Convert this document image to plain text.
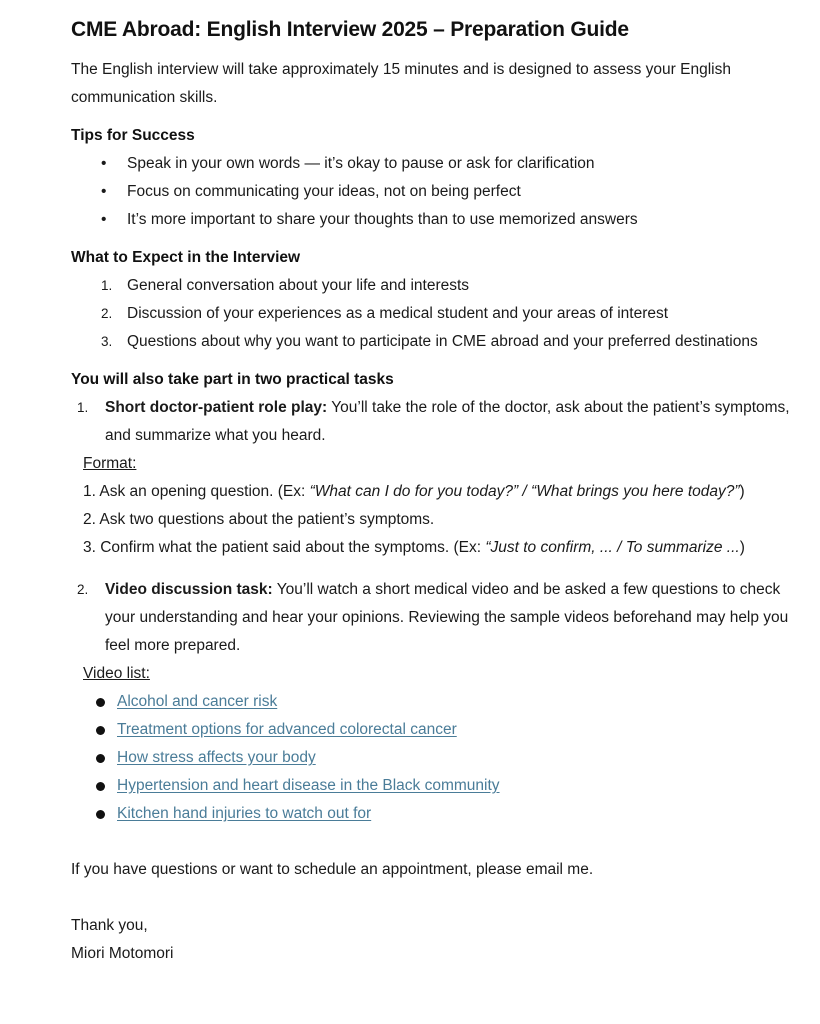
CME Abroad: English Interview 2025 – Preparation Guide

The English interview will take approximately 15 minutes and is designed to assess your English communication skills.

Tips for Success
• Speak in your own words — it’s okay to pause or ask for clarification
• Focus on communicating your ideas, not on being perfect
• It’s more important to share your thoughts than to use memorized answers
What to Expect in the Interview
1. General conversation about your life and interests
2. Discussion of your experiences as a medical student and your areas of interest
3. Questions about why you want to participate in CME abroad and your preferred destinations
You will also take part in two practical tasks
1. Short doctor-patient role play: You’ll take the role of the doctor, ask about the patient’s symptoms, and summarize what you heard.
Format:
1. Ask an opening question. (Ex: “What can I do for you today?” / “What brings you here today?”)
2. Ask two questions about the patient’s symptoms.
3. Confirm what the patient said about the symptoms. (Ex: “Just to confirm, ... / To summarize ...)
2. Video discussion task: You’ll watch a short medical video and be asked a few questions to check your understanding and hear your opinions. Reviewing the sample videos beforehand may help you feel more prepared.
Video list:
Alcohol and cancer risk
Treatment options for advanced colorectal cancer
How stress affects your body
Hypertension and heart disease in the Black community
Kitchen hand injuries to watch out for

If you have questions or want to schedule an appointment, please email me.

Thank you,

Miori Motomori
